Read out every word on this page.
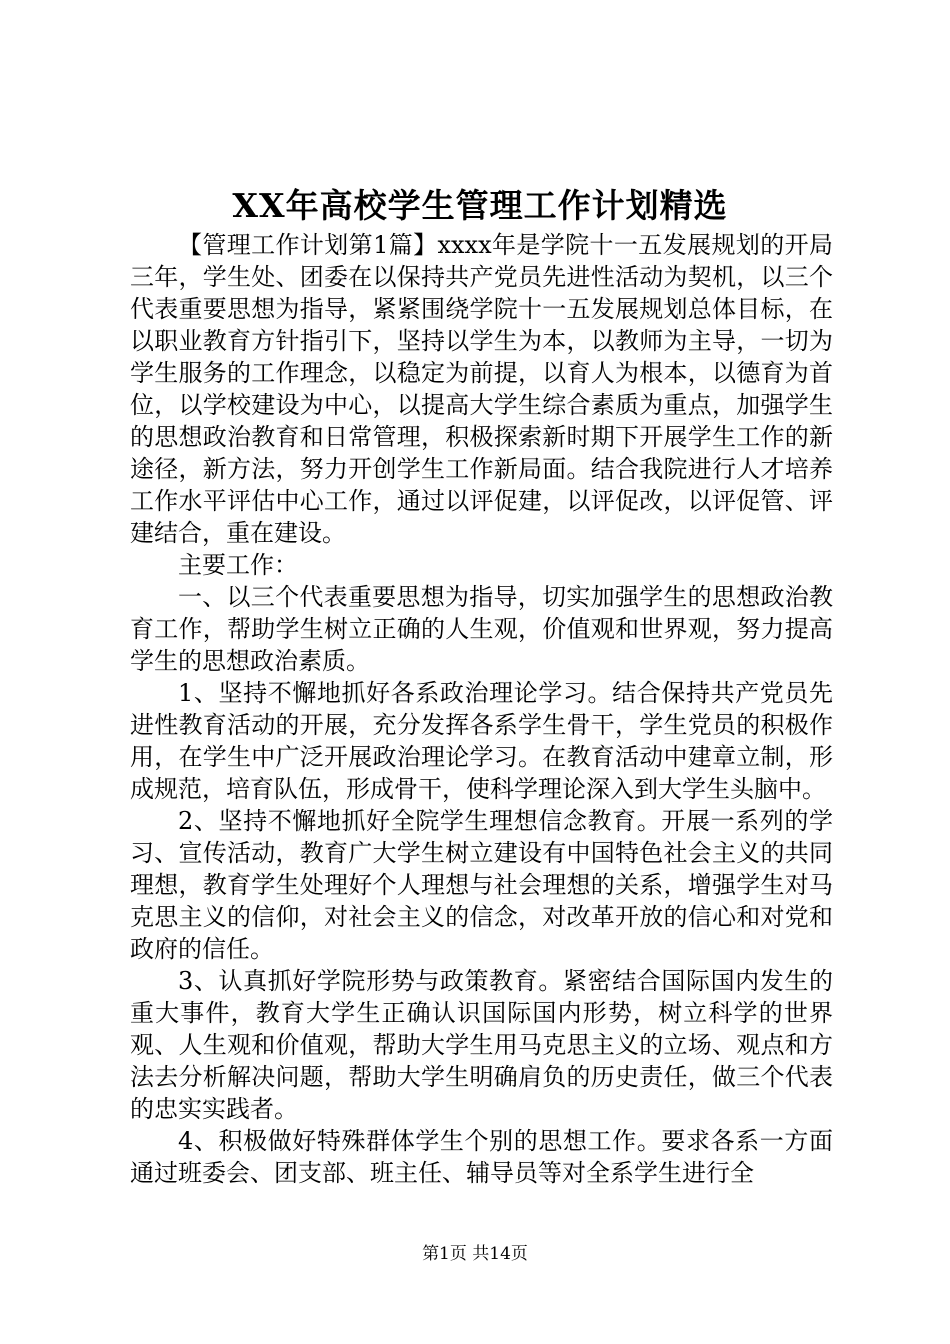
XX年高校学生管理工作计划精选

【管理工作计划第1篇】xxxx年是学院十一五发展规划的开局三年，学生处、团委在以保持共产党员先进性活动为契机，以三个代表重要思想为指导，紧紧围绕学院十一五发展规划总体目标，在以职业教育方针指引下，坚持以学生为本，以教师为主导，一切为学生服务的工作理念，以稳定为前提，以育人为根本，以德育为首位，以学校建设为中心，以提高大学生综合素质为重点，加强学生的思想政治教育和日常管理，积极探索新时期下开展学生工作的新途径，新方法，努力开创学生工作新局面。结合我院进行人才培养工作水平评估中心工作，通过以评促建，以评促改，以评促管、评建结合，重在建设。

主要工作：

一、以三个代表重要思想为指导，切实加强学生的思想政治教育工作，帮助学生树立正确的人生观，价值观和世界观，努力提高学生的思想政治素质。

1、坚持不懈地抓好各系政治理论学习。结合保持共产党员先进性教育活动的开展，充分发挥各系学生骨干，学生党员的积极作用，在学生中广泛开展政治理论学习。在教育活动中建章立制，形成规范，培育队伍，形成骨干，使科学理论深入到大学生头脑中。

2、坚持不懈地抓好全院学生理想信念教育。开展一系列的学习、宣传活动，教育广大学生树立建设有中国特色社会主义的共同理想，教育学生处理好个人理想与社会理想的关系，增强学生对马克思主义的信仰，对社会主义的信念，对改革开放的信心和对党和政府的信任。

3、认真抓好学院形势与政策教育。紧密结合国际国内发生的重大事件，教育大学生正确认识国际国内形势，树立科学的世界观、人生观和价值观，帮助大学生用马克思主义的立场、观点和方法去分析解决问题，帮助大学生明确肩负的历史责任，做三个代表的忠实实践者。

4、积极做好特殊群体学生个别的思想工作。要求各系一方面通过班委会、团支部、班主任、辅导员等对全系学生进行全

第1页 共14页
